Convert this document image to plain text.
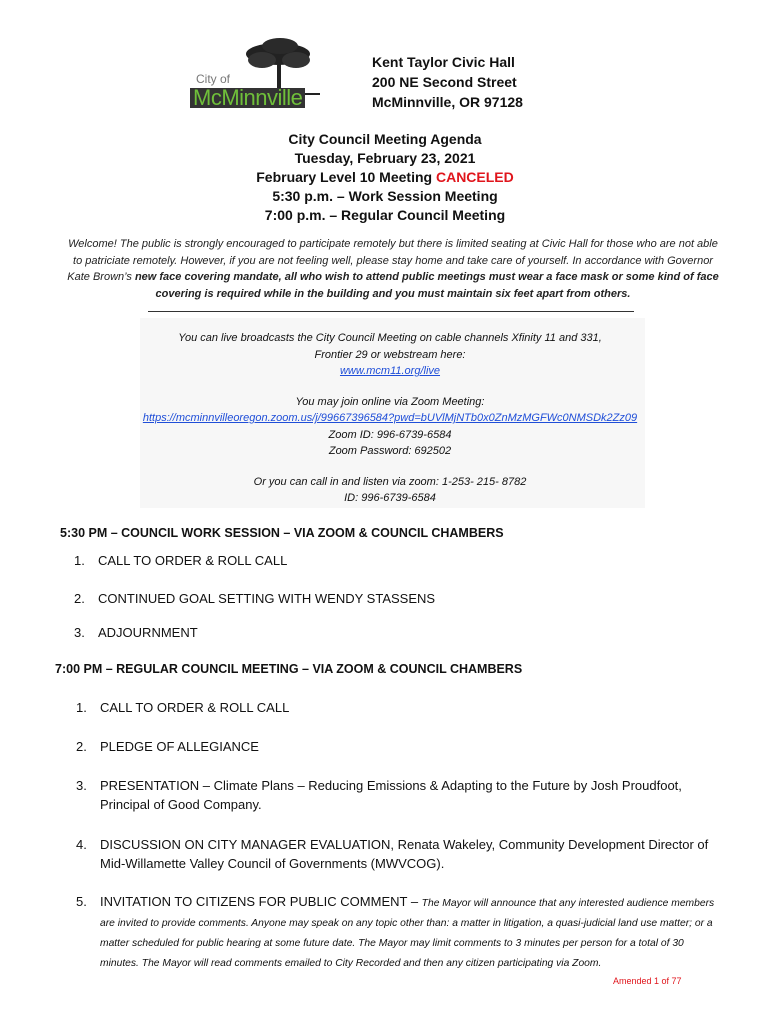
City of
McMinnville
Kent Taylor Civic Hall
200 NE Second Street
McMinnville, OR 97128
City Council Meeting Agenda
Tuesday, February 23, 2021
February Level 10 Meeting CANCELED
5:30 p.m. – Work Session Meeting
7:00 p.m. – Regular Council Meeting
Welcome! The public is strongly encouraged to participate remotely but there is limited seating at Civic Hall for those who are not able to patriciate remotely. However, if you are not feeling well, please stay home and take care of yourself. In accordance with Governor Kate Brown’s new face covering mandate, all who wish to attend public meetings must wear a face mask or some kind of face covering is required while in the building and you must maintain six feet apart from others.
You can live broadcasts the City Council Meeting on cable channels Xfinity 11 and 331,
Frontier 29 or webstream here:
www.mcm11.org/live
You may join online via Zoom Meeting:
https://mcminnvilleoregon.zoom.us/j/99667396584?pwd=bUVlMjNTb0x0ZnMzMGFWc0NMSDk2Zz09
Zoom ID: 996-6739-6584
Zoom Password: 692502
Or you can call in and listen via zoom: 1-253- 215- 8782
ID: 996-6739-6584
5:30 PM – COUNCIL WORK SESSION – VIA ZOOM & COUNCIL CHAMBERS
1. CALL TO ORDER & ROLL CALL
2. CONTINUED GOAL SETTING WITH WENDY STASSENS
3. ADJOURNMENT
7:00 PM – REGULAR COUNCIL MEETING – VIA ZOOM & COUNCIL CHAMBERS
1. CALL TO ORDER & ROLL CALL
2. PLEDGE OF ALLEGIANCE
3. PRESENTATION – Climate Plans – Reducing Emissions & Adapting to the Future by Josh Proudfoot, Principal of Good Company.
4. DISCUSSION ON CITY MANAGER EVALUATION, Renata Wakeley, Community Development Director of Mid-Willamette Valley Council of Governments (MWVCOG).
5. INVITATION TO CITIZENS FOR PUBLIC COMMENT – The Mayor will announce that any interested audience members are invited to provide comments. Anyone may speak on any topic other than: a matter in litigation, a quasi-judicial land use matter; or a matter scheduled for public hearing at some future date. The Mayor may limit comments to 3 minutes per person for a total of 30 minutes. The Mayor will read comments emailed to City Recorded and then any citizen participating via Zoom.
Amended 1 of 77
